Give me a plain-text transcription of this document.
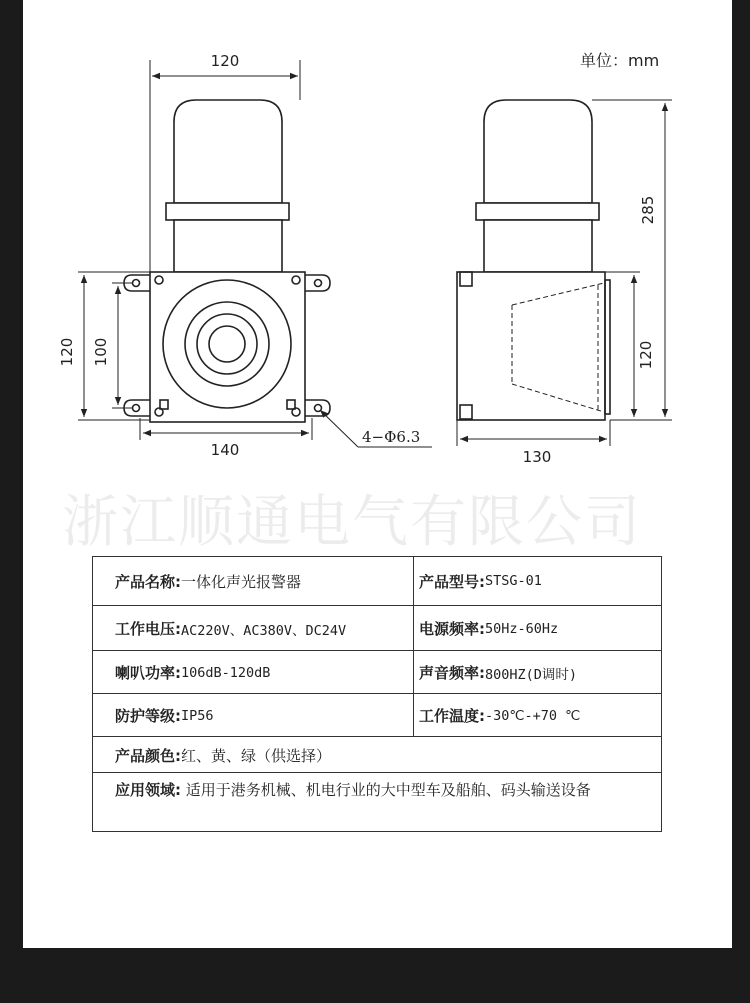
120
120 100
140
4−Φ6.3
285
120
130
单位：mm
浙江顺通电气有限公司
产品名称: 一体化声光报警器	产品型号: STSG-01
工作电压: AC220V、AC380V、DC24V	电源频率: 50Hz-60Hz
喇叭功率: 106dB-120dB	声音频率: 800HZ(D调时)
防护等级: IP56	工作温度: -30℃-+70 ℃
产品颜色: 红、黄、绿（供选择）
应用领域: 适用于港务机械、机电行业的大中型车及船舶、码头输送设备
